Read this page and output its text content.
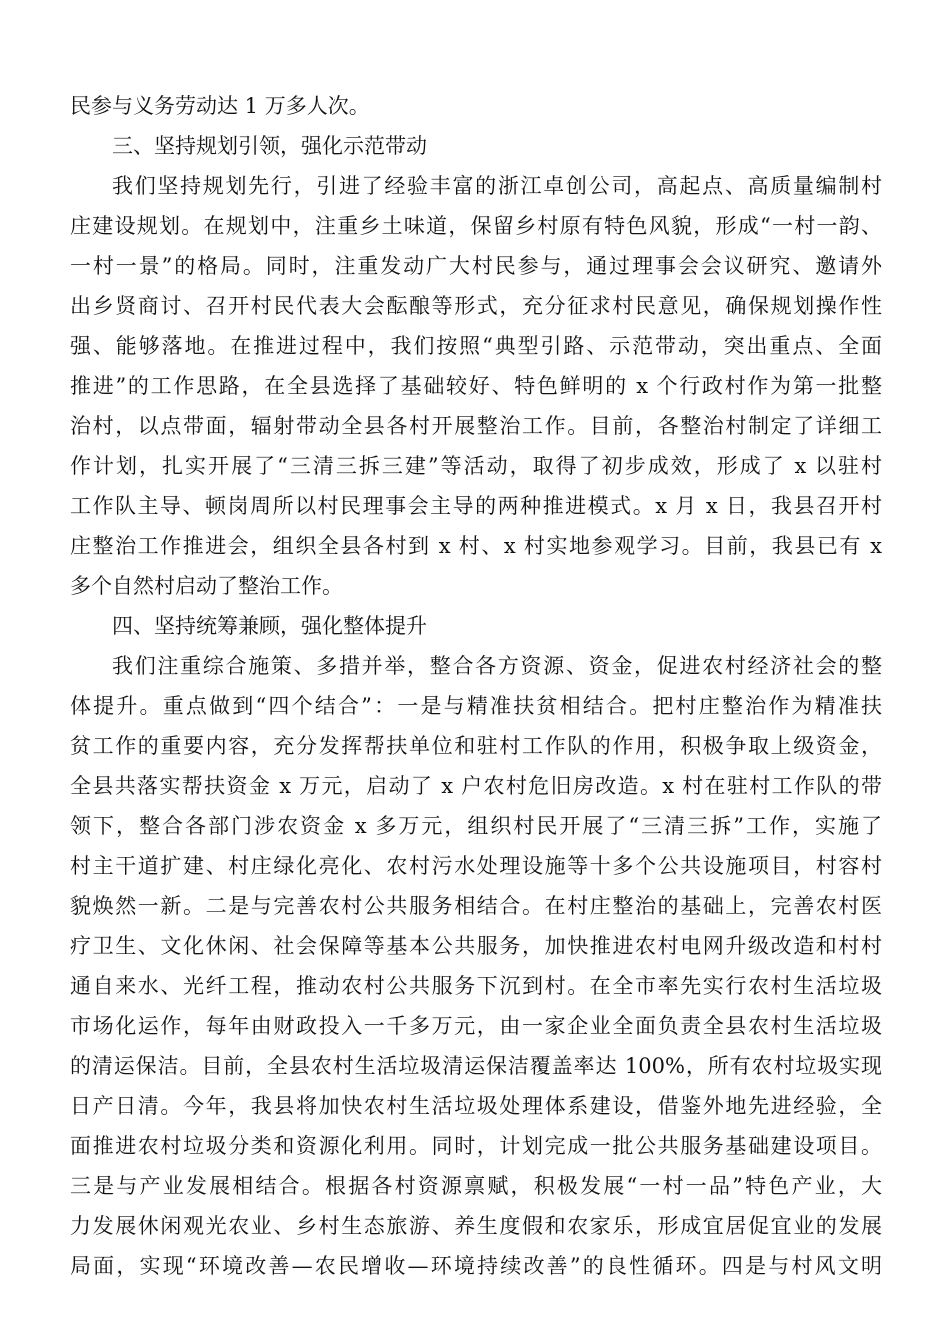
民参与义务劳动达 1 万多人次。
三、坚持规划引领，强化示范带动
我们坚持规划先行，引进了经验丰富的浙江卓创公司，高起点、高质量编制村
庄建设规划。在规划中，注重乡土味道，保留乡村原有特色风貌，形成“一村一韵、
一村一景”的格局。同时，注重发动广大村民参与，通过理事会会议研究、邀请外
出乡贤商讨、召开村民代表大会酝酿等形式，充分征求村民意见，确保规划操作性
强、能够落地。在推进过程中，我们按照“典型引路、示范带动，突出重点、全面
推进”的工作思路，在全县选择了基础较好、特色鲜明的 x 个行政村作为第一批整
治村，以点带面，辐射带动全县各村开展整治工作。目前，各整治村制定了详细工
作计划，扎实开展了“三清三拆三建”等活动，取得了初步成效，形成了 x 以驻村
工作队主导、顿岗周所以村民理事会主导的两种推进模式。x 月 x 日，我县召开村
庄整治工作推进会，组织全县各村到 x 村、x 村实地参观学习。目前，我县已有 x
多个自然村启动了整治工作。
四、坚持统筹兼顾，强化整体提升
我们注重综合施策、多措并举，整合各方资源、资金，促进农村经济社会的整
体提升。重点做到“四个结合”：一是与精准扶贫相结合。把村庄整治作为精准扶
贫工作的重要内容，充分发挥帮扶单位和驻村工作队的作用，积极争取上级资金，
全县共落实帮扶资金 x 万元，启动了 x 户农村危旧房改造。x 村在驻村工作队的带
领下，整合各部门涉农资金 x 多万元，组织村民开展了“三清三拆”工作，实施了
村主干道扩建、村庄绿化亮化、农村污水处理设施等十多个公共设施项目，村容村
貌焕然一新。二是与完善农村公共服务相结合。在村庄整治的基础上，完善农村医
疗卫生、文化休闲、社会保障等基本公共服务，加快推进农村电网升级改造和村村
通自来水、光纤工程，推动农村公共服务下沉到村。在全市率先实行农村生活垃圾
市场化运作，每年由财政投入一千多万元，由一家企业全面负责全县农村生活垃圾
的清运保洁。目前，全县农村生活垃圾清运保洁覆盖率达 100%，所有农村垃圾实现
日产日清。今年，我县将加快农村生活垃圾处理体系建设，借鉴外地先进经验，全
面推进农村垃圾分类和资源化利用。同时，计划完成一批公共服务基础建设项目。
三是与产业发展相结合。根据各村资源禀赋，积极发展“一村一品”特色产业，大
力发展休闲观光农业、乡村生态旅游、养生度假和农家乐，形成宜居促宜业的发展
局面，实现“环境改善—农民增收—环境持续改善”的良性循环。四是与村风文明
